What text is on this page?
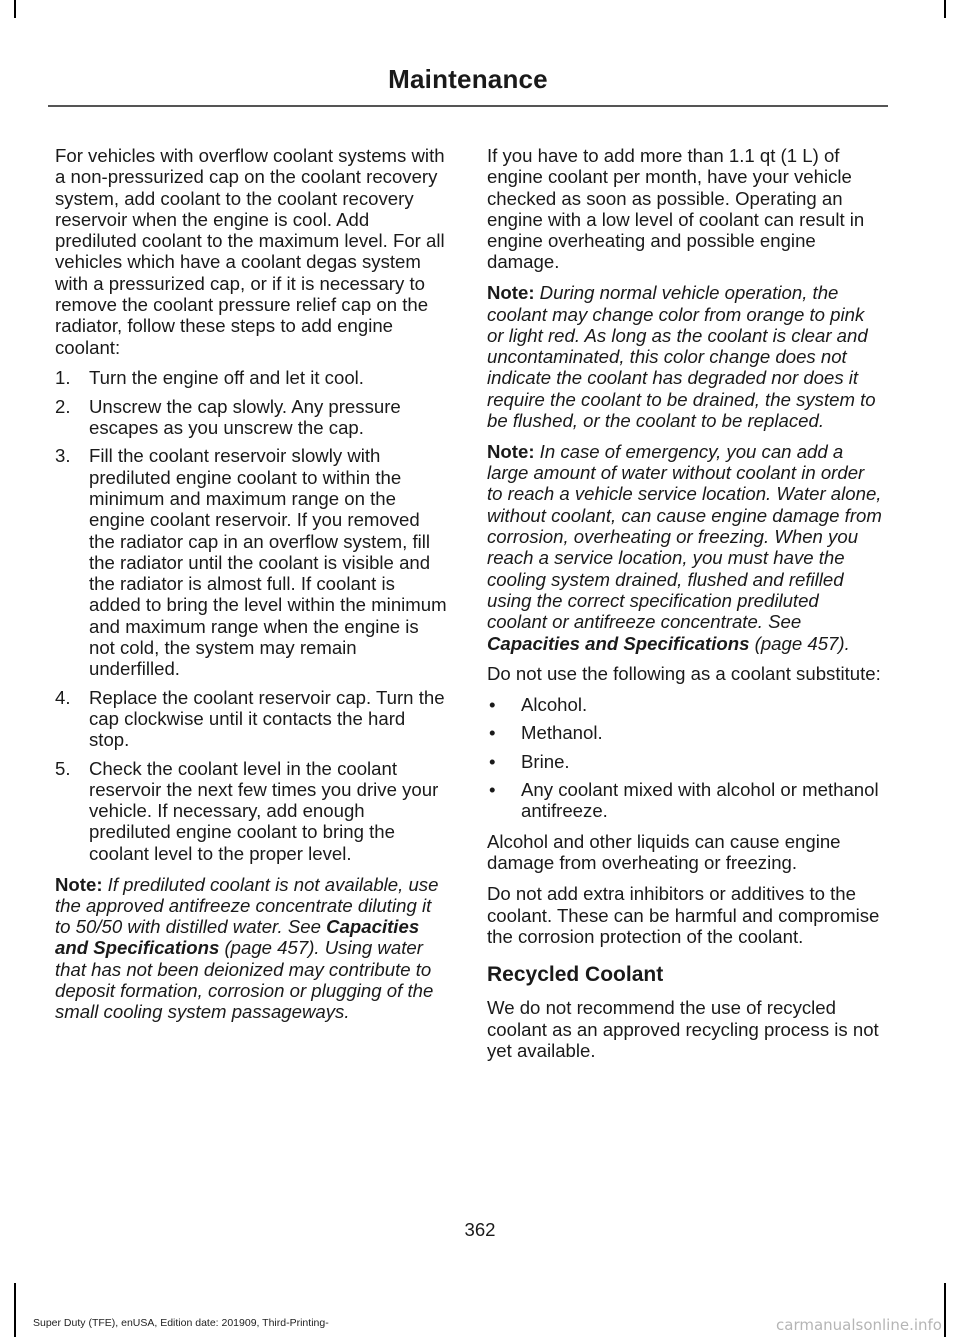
Maintenance

For vehicles with overflow coolant systems with a non-pressurized cap on the coolant recovery system, add coolant to the coolant recovery reservoir when the engine is cool. Add prediluted coolant to the maximum level. For all vehicles which have a coolant degas system with a pressurized cap, or if it is necessary to remove the coolant pressure relief cap on the radiator, follow these steps to add engine coolant:

1. Turn the engine off and let it cool.
2. Unscrew the cap slowly. Any pressure escapes as you unscrew the cap.
3. Fill the coolant reservoir slowly with prediluted engine coolant to within the minimum and maximum range on the engine coolant reservoir. If you removed the radiator cap in an overflow system, fill the radiator until the coolant is visible and the radiator is almost full. If coolant is added to bring the level within the minimum and maximum range when the engine is not cold, the system may remain underfilled.
4. Replace the coolant reservoir cap. Turn the cap clockwise until it contacts the hard stop.
5. Check the coolant level in the coolant reservoir the next few times you drive your vehicle. If necessary, add enough prediluted engine coolant to bring the coolant level to the proper level.

Note: If prediluted coolant is not available, use the approved antifreeze concentrate diluting it to 50/50 with distilled water. See Capacities and Specifications (page 457). Using water that has not been deionized may contribute to deposit formation, corrosion or plugging of the small cooling system passageways.

If you have to add more than 1.1 qt (1 L) of engine coolant per month, have your vehicle checked as soon as possible. Operating an engine with a low level of coolant can result in engine overheating and possible engine damage.

Note: During normal vehicle operation, the coolant may change color from orange to pink or light red. As long as the coolant is clear and uncontaminated, this color change does not indicate the coolant has degraded nor does it require the coolant to be drained, the system to be flushed, or the coolant to be replaced.

Note: In case of emergency, you can add a large amount of water without coolant in order to reach a vehicle service location. Water alone, without coolant, can cause engine damage from corrosion, overheating or freezing. When you reach a service location, you must have the cooling system drained, flushed and refilled using the correct specification prediluted coolant or antifreeze concentrate. See Capacities and Specifications (page 457).

Do not use the following as a coolant substitute:

• Alcohol.
• Methanol.
• Brine.
• Any coolant mixed with alcohol or methanol antifreeze.

Alcohol and other liquids can cause engine damage from overheating or freezing.

Do not add extra inhibitors or additives to the coolant. These can be harmful and compromise the corrosion protection of the coolant.

Recycled Coolant

We do not recommend the use of recycled coolant as an approved recycling process is not yet available.

362
Super Duty (TFE), enUSA, Edition date: 201909, Third-Printing-	carmanualsonline.info
